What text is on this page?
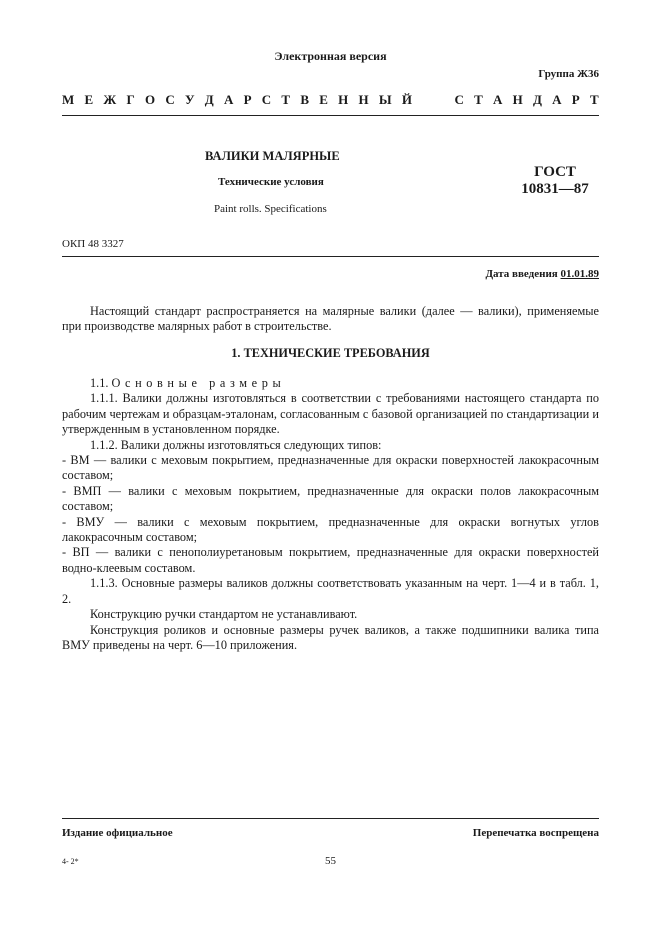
Электронная версия
Группа Ж36
М Е Ж Г О С У Д А Р С Т В Е Н Н Ы Й	С Т А Н Д А Р Т
ВАЛИКИ МАЛЯРНЫЕ
Технические условия
Paint rolls. Specifications
ГОСТ
10831—87
ОКП 48 3327
Дата введения 01.01.89

Настоящий стандарт распространяется на малярные валики (далее — валики), применяемые при производстве малярных работ в строительстве.

1. ТЕХНИЧЕСКИЕ ТРЕБОВАНИЯ

1.1. Основные размеры

1.1.1. Валики должны изготовляться в соответствии с требованиями настоящего стандарта по рабочим чертежам и образцам-эталонам, согласованным с базовой организацией по стандартизации и утвержденным в установленном порядке.

1.1.2. Валики должны изготовляться следующих типов:

- ВМ — валики с меховым покрытием, предназначенные для окраски поверхностей лакокрасочным составом;

- ВМП — валики с меховым покрытием, предназначенные для окраски полов лакокрасочным составом;

- ВМУ — валики с меховым покрытием, предназначенные для окраски вогнутых углов лакокрасочным составом;

- ВП — валики с пенополиуретановым покрытием, предназначенные для окраски поверхностей водно-клеевым составом.

1.1.3. Основные размеры валиков должны соответствовать указанным на черт. 1—4 и в табл. 1, 2.

Конструкцию ручки стандартом не устанавливают.

Конструкция роликов и основные размеры ручек валиков, а также подшипники валика типа ВМУ приведены на черт. 6—10 приложения.

Издание официальное	Перепечатка воспрещена
4- 2*	55
